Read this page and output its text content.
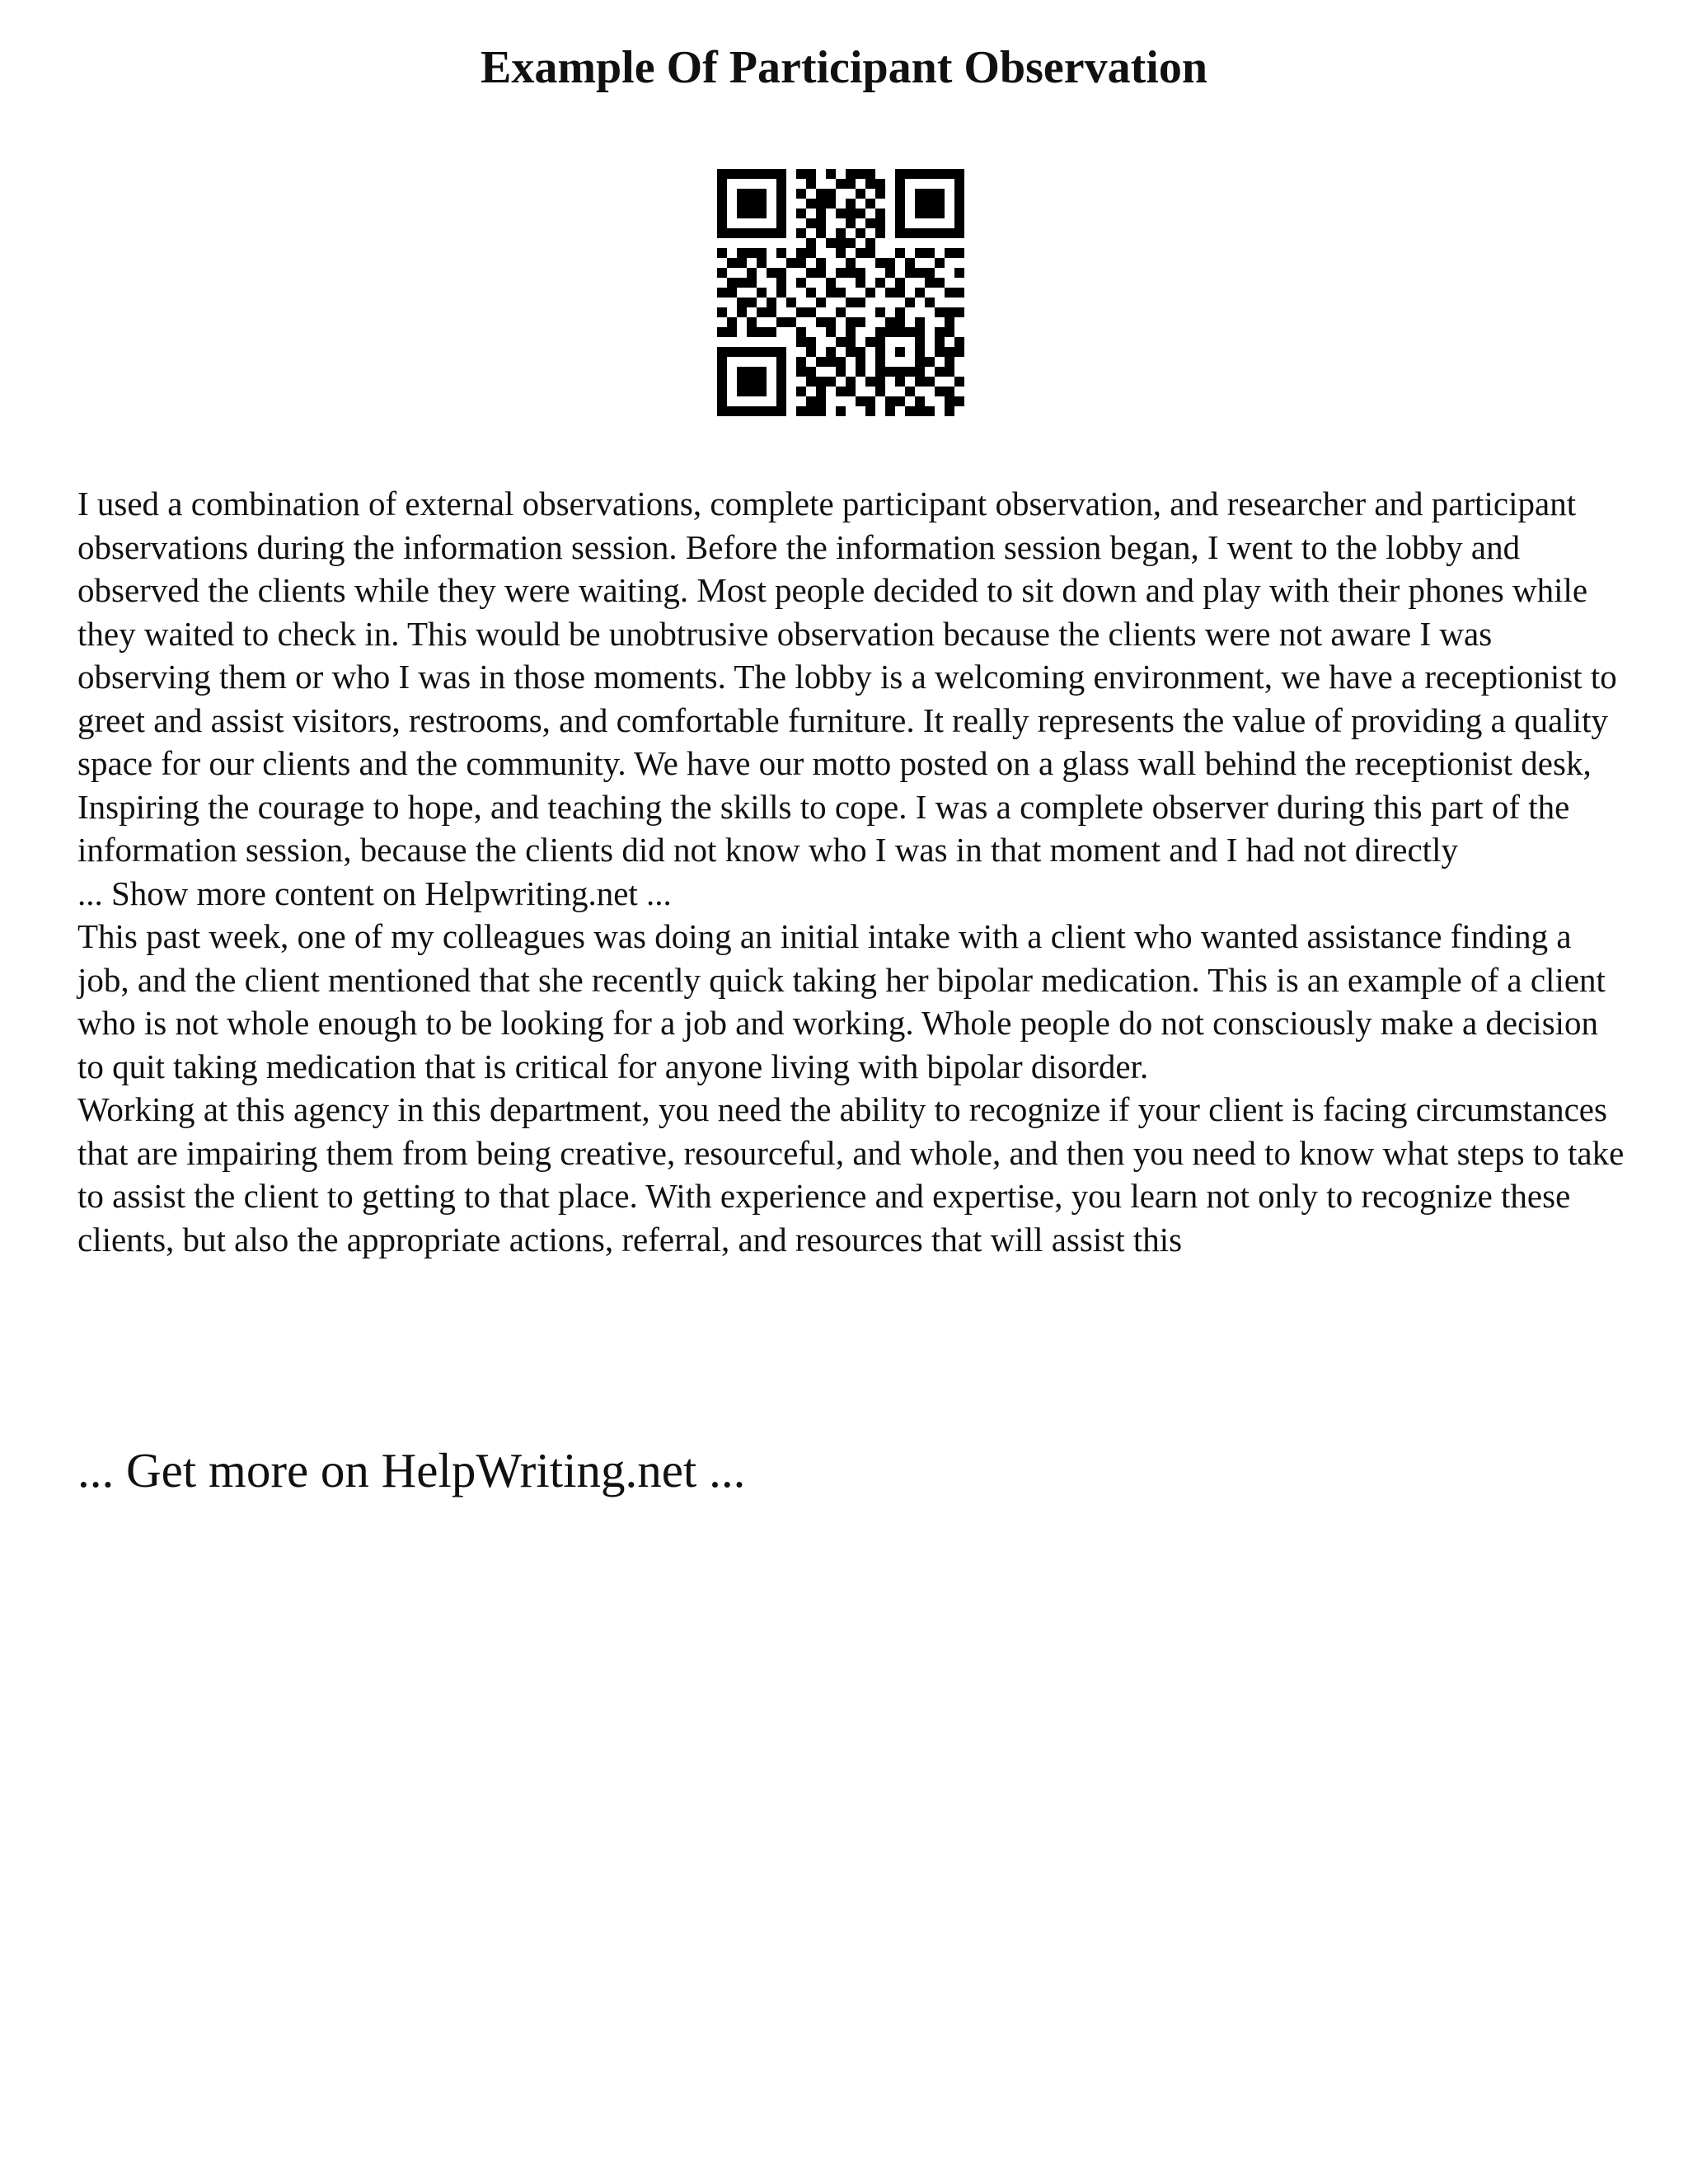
Example Of Participant Observation

I used a combination of external observations, complete participant observation, and researcher and participant observations during the information session. Before the information session began, I went to the lobby and observed the clients while they were waiting. Most people decided to sit down and play with their phones while they waited to check in. This would be unobtrusive observation because the clients were not aware I was observing them or who I was in those moments. The lobby is a welcoming environment, we have a receptionist to greet and assist visitors, restrooms, and comfortable furniture. It really represents the value of providing a quality space for our clients and the community. We have our motto posted on a glass wall behind the receptionist desk, Inspiring the courage to hope, and teaching the skills to cope. I was a complete observer during this part of the information session, because the clients did not know who I was in that moment and I had not directly

... Show more content on Helpwriting.net ...

This past week, one of my colleagues was doing an initial intake with a client who wanted assistance finding a job, and the client mentioned that she recently quick taking her bipolar medication. This is an example of a client who is not whole enough to be looking for a job and working. Whole people do not consciously make a decision to quit taking medication that is critical for anyone living with bipolar disorder.

Working at this agency in this department, you need the ability to recognize if your client is facing circumstances that are impairing them from being creative, resourceful, and whole, and then you need to know what steps to take to assist the client to getting to that place. With experience and expertise, you learn not only to recognize these clients, but also the appropriate actions, referral, and resources that will assist this

... Get more on HelpWriting.net ...
